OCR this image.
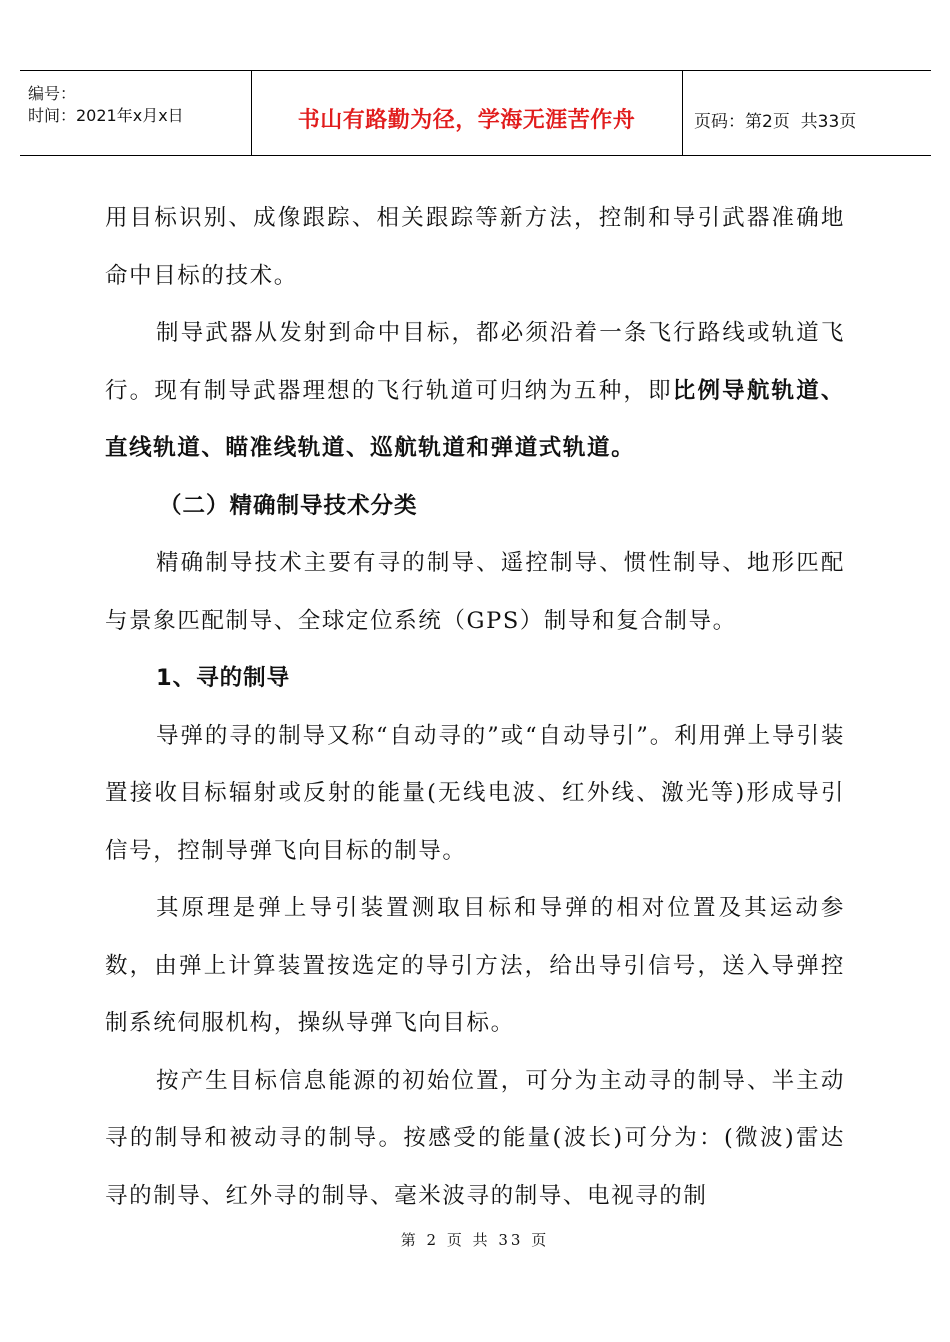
编号：
时间：2021年x月x日	书山有路勤为径，学海无涯苦作舟	页码：第2页  共33页

用目标识别、成像跟踪、相关跟踪等新方法，控制和导引武器准确地命中目标的技术。

制导武器从发射到命中目标，都必须沿着一条飞行路线或轨道飞行。现有制导武器理想的飞行轨道可归纳为五种，即比例导航轨道、直线轨道、瞄准线轨道、巡航轨道和弹道式轨道。

（二）精确制导技术分类

精确制导技术主要有寻的制导、遥控制导、惯性制导、地形匹配与景象匹配制导、全球定位系统（GPS）制导和复合制导。

1、寻的制导

导弹的寻的制导又称“自动寻的”或“自动导引”。利用弹上导引装置接收目标辐射或反射的能量(无线电波、红外线、激光等)形成导引信号，控制导弹飞向目标的制导。

其原理是弹上导引装置测取目标和导弹的相对位置及其运动参数，由弹上计算装置按选定的导引方法，给出导引信号，送入导弹控制系统伺服机构，操纵导弹飞向目标。

按产生目标信息能源的初始位置，可分为主动寻的制导、半主动寻的制导和被动寻的制导。按感受的能量(波长)可分为：(微波)雷达寻的制导、红外寻的制导、毫米波寻的制导、电视寻的制

第 2 页 共 33 页
